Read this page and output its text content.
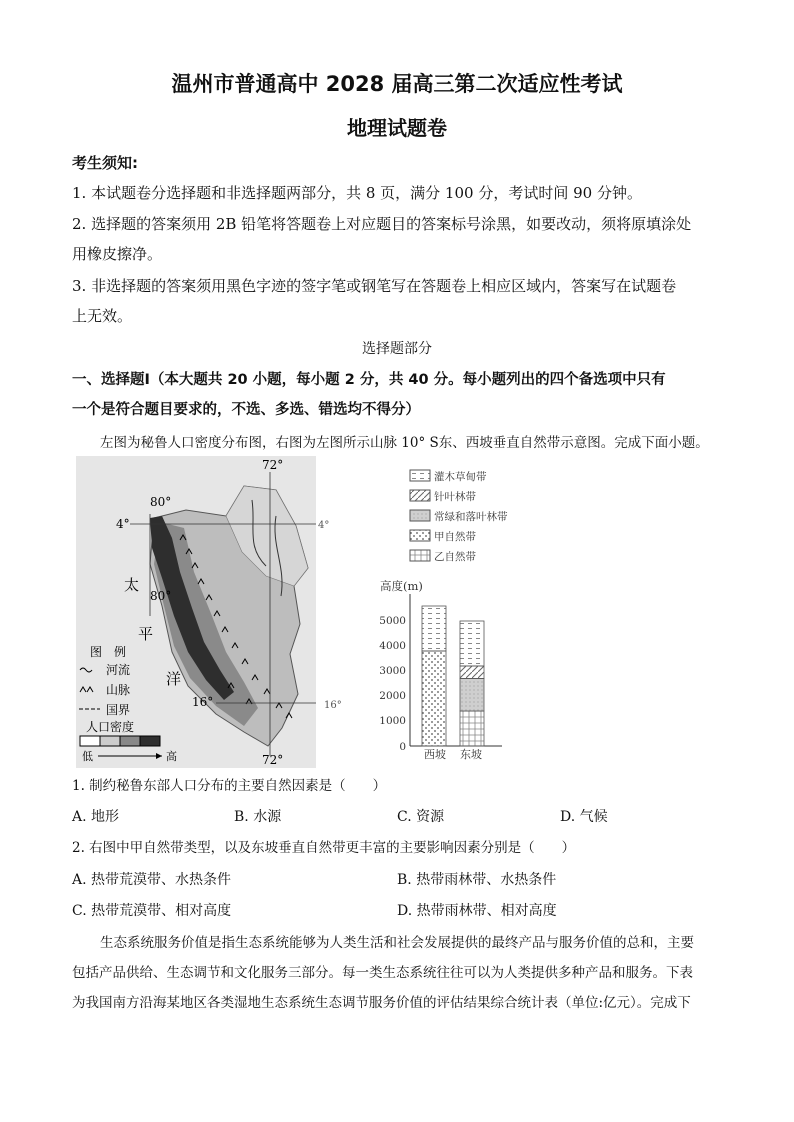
温州市普通高中 2028 届高三第二次适应性考试
地理试题卷
考生须知:
1. 本试题卷分选择题和非选择题两部分，共 8 页，满分 100 分，考试时间 90 分钟。
2. 选择题的答案须用 2B 铅笔将答题卷上对应题目的答案标号涂黑，如要改动，须将原填涂处
用橡皮擦净。
3. 非选择题的答案须用黑色字迹的签字笔或钢笔写在答题卷上相应区域内，答案写在试题卷
上无效。
选择题部分
一、选择题Ⅰ（本大题共 20 小题，每小题 2 分，共 40 分。每小题列出的四个备选项中只有
一个是符合题目要求的，不选、多选、错选均不得分）
左图为秘鲁人口密度分布图，右图为左图所示山脉 10° S东、西坡垂直自然带示意图。完成下面小题。
72°
72°
80°
80°
4°	4°
16°	16°
太
平
洋
图　例
河流
山脉
国界
人口密度
低	高
灌木草甸带
针叶林带
常绿和落叶林带
甲自然带
乙自然带
高度(m)
5000
4000
3000
2000
1000
0
西坡 东坡
1. 制约秘鲁东部人口分布的主要自然因素是（　　）
A. 地形	B. 水源	C. 资源	D. 气候
2. 右图中甲自然带类型，以及东坡垂直自然带更丰富的主要影响因素分别是（　　）
A. 热带荒漠带、水热条件	B. 热带雨林带、水热条件
C. 热带荒漠带、相对高度	D. 热带雨林带、相对高度
生态系统服务价值是指生态系统能够为人类生活和社会发展提供的最终产品与服务价值的总和，主要
包括产品供给、生态调节和文化服务三部分。每一类生态系统往往可以为人类提供多种产品和服务。下表
为我国南方沿海某地区各类湿地生态系统生态调节服务价值的评估结果综合统计表（单位:亿元）。完成下
